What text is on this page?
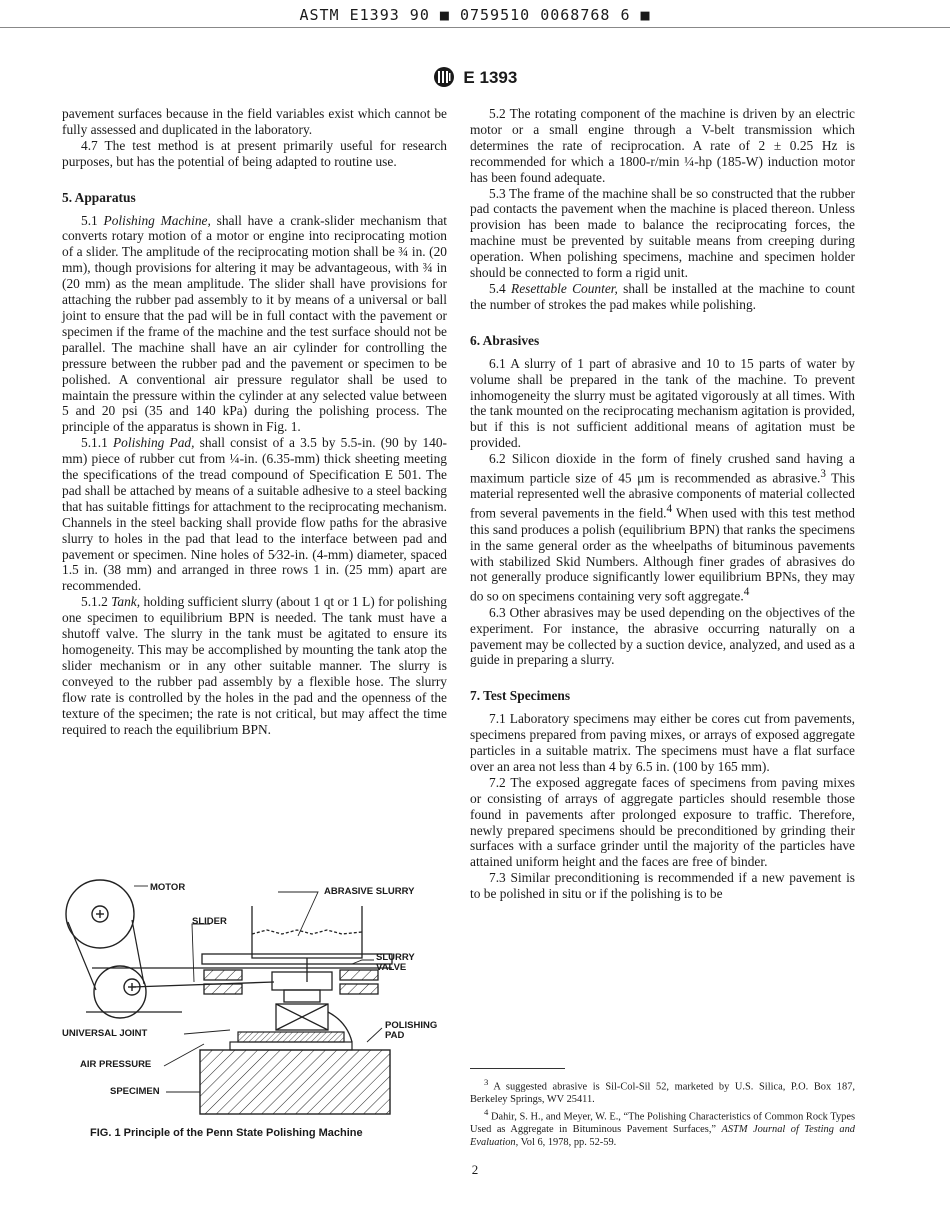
ASTM E1393 90 ■ 0759510 0068768 6 ■
E 1393

pavement surfaces because in the field variables exist which cannot be fully assessed and duplicated in the laboratory.

4.7 The test method is at present primarily useful for research purposes, but has the potential of being adapted to routine use.

5. Apparatus

5.1 Polishing Machine, shall have a crank-slider mechanism that converts rotary motion of a motor or engine into reciprocating motion of a slider. The amplitude of the reciprocating motion shall be ¾ in. (20 mm), though provisions for altering it may be advantageous, with ¾ in (20 mm) as the mean amplitude. The slider shall have provisions for attaching the rubber pad assembly to it by means of a universal or ball joint to ensure that the pad will be in full contact with the pavement or specimen if the frame of the machine and the test surface should not be parallel. The machine shall have an air cylinder for controlling the pressure between the rubber pad and the pavement or specimen to be polished. A conventional air pressure regulator shall be used to maintain the pressure within the cylinder at any selected value between 5 and 20 psi (35 and 140 kPa) during the polishing process. The principle of the apparatus is shown in Fig. 1.

5.1.1 Polishing Pad, shall consist of a 3.5 by 5.5-in. (90 by 140-mm) piece of rubber cut from ¼-in. (6.35-mm) thick sheeting meeting the specifications of the tread compound of Specification E 501. The pad shall be attached by means of a suitable adhesive to a steel backing that has suitable fittings for attachment to the reciprocating mechanism. Channels in the steel backing shall provide flow paths for the abrasive slurry to holes in the pad that lead to the interface between pad and pavement or specimen. Nine holes of 5⁄32-in. (4-mm) diameter, spaced 1.5 in. (38 mm) and arranged in three rows 1 in. (25 mm) apart are recommended.

5.1.2 Tank, holding sufficient slurry (about 1 qt or 1 L) for polishing one specimen to equilibrium BPN is needed. The tank must have a shutoff valve. The slurry in the tank must be agitated to ensure its homogeneity. This may be accomplished by mounting the tank atop the slider mechanism or in any other suitable manner. The slurry is conveyed to the rubber pad assembly by a flexible hose. The slurry flow rate is controlled by the holes in the pad and the openness of the texture of the specimen; the rate is not critical, but may affect the time required to reach the equilibrium BPN.

MOTOR	ABRASIVE SLURRY
SLIDER
SLURRY
VALVE
POLISHING
PAD
UNIVERSAL JOINT
AIR PRESSURE
SPECIMEN
FIG. 1 Principle of the Penn State Polishing Machine

5.2 The rotating component of the machine is driven by an electric motor or a small engine through a V-belt transmission which determines the rate of reciprocation. A rate of 2 ± 0.25 Hz is recommended for which a 1800-r/min ¼-hp (185-W) induction motor has been found adequate.

5.3 The frame of the machine shall be so constructed that the rubber pad contacts the pavement when the machine is placed thereon. Unless provision has been made to balance the reciprocating forces, the machine must be prevented by suitable means from creeping during operation. When polishing specimens, machine and specimen holder should be connected to form a rigid unit.

5.4 Resettable Counter, shall be installed at the machine to count the number of strokes the pad makes while polishing.

6. Abrasives

6.1 A slurry of 1 part of abrasive and 10 to 15 parts of water by volume shall be prepared in the tank of the machine. To prevent inhomogeneity the slurry must be agitated vigorously at all times. With the tank mounted on the reciprocating mechanism agitation is provided, but if this is not sufficient additional means of agitation must be provided.

6.2 Silicon dioxide in the form of finely crushed sand having a maximum particle size of 45 μm is recommended as abrasive.$^3$ This material represented well the abrasive components of material collected from several pavements in the field.$^4$ When used with this test method this sand produces a polish (equilibrium BPN) that ranks the specimens in the same general order as the wheelpaths of bituminous pavements with stabilized Skid Numbers. Although finer grades of abrasives do not generally produce significantly lower equilibrium BPNs, they may do so on specimens containing very soft aggregate.$^4$

6.3 Other abrasives may be used depending on the objectives of the experiment. For instance, the abrasive occurring naturally on a pavement may be collected by a suction device, analyzed, and used as a guide in preparing a slurry.

7. Test Specimens

7.1 Laboratory specimens may either be cores cut from pavements, specimens prepared from paving mixes, or arrays of exposed aggregate particles in a suitable matrix. The specimens must have a flat surface over an area not less than 4 by 6.5 in. (100 by 165 mm).

7.2 The exposed aggregate faces of specimens from paving mixes or consisting of arrays of aggregate particles should resemble those found in pavements after prolonged exposure to traffic. Therefore, newly prepared specimens should be preconditioned by grinding their surfaces with a surface grinder until the majority of the particles have attained uniform height and the faces are free of binder.

7.3 Similar preconditioning is recommended if a new pavement is to be polished in situ or if the polishing is to be

$^3$ A suggested abrasive is Sil-Col-Sil 52, marketed by U.S. Silica, P.O. Box 187, Berkeley Springs, WV 25411.

$^4$ Dahir, S. H., and Meyer, W. E., “The Polishing Characteristics of Common Rock Types Used as Aggregate in Bituminous Pavement Surfaces,” ASTM Journal of Testing and Evaluation, Vol 6, 1978, pp. 52-59.

2
